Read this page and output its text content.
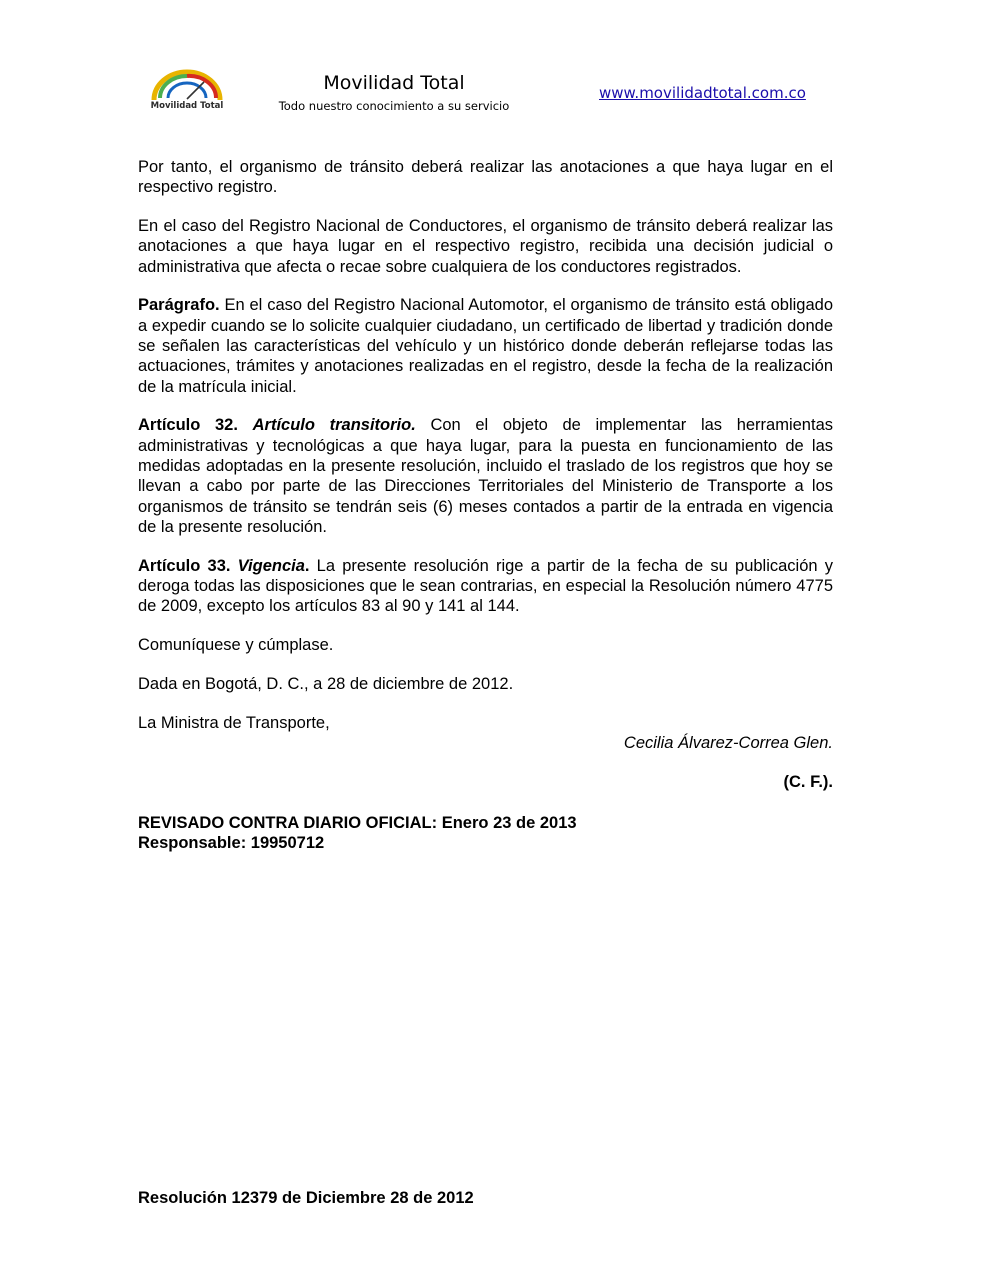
Movilidad Total
Movilidad Total
Todo nuestro conocimiento a su servicio
www.movilidadtotal.com.co

Por tanto, el organismo de tránsito deberá realizar las anotaciones a que haya lugar en el respectivo registro.

En el caso del Registro Nacional de Conductores, el organismo de tránsito deberá realizar las anotaciones a que haya lugar en el respectivo registro, recibida una decisión judicial o administrativa que afecta o recae sobre cualquiera de los conductores registrados.

Parágrafo. En el caso del Registro Nacional Automotor, el organismo de tránsito está obligado a expedir cuando se lo solicite cualquier ciudadano, un certificado de libertad y tradición donde se señalen las características del vehículo y un histórico donde deberán reflejarse todas las actuaciones, trámites y anotaciones realizadas en el registro, desde la fecha de la realización de la matrícula inicial.

Artículo 32. Artículo transitorio. Con el objeto de implementar las herramientas administrativas y tecnológicas a que haya lugar, para la puesta en funcionamiento de las medidas adoptadas en la presente resolución, incluido el traslado de los registros que hoy se llevan a cabo por parte de las Direcciones Territoriales del Ministerio de Transporte a los organismos de tránsito se tendrán seis (6) meses contados a partir de la entrada en vigencia de la presente resolución.

Artículo 33. Vigencia. La presente resolución rige a partir de la fecha de su publicación y deroga todas las disposiciones que le sean contrarias, en especial la Resolución número 4775 de 2009, excepto los artículos 83 al 90 y 141 al 144.

Comuníquese y cúmplase.

Dada en Bogotá, D. C., a 28 de diciembre de 2012.

La Ministra de Transporte,

Cecilia Álvarez-Correa Glen.

(C. F.).

REVISADO CONTRA DIARIO OFICIAL: Enero 23 de 2013

Responsable: 19950712

Resolución 12379 de Diciembre 28 de 2012
